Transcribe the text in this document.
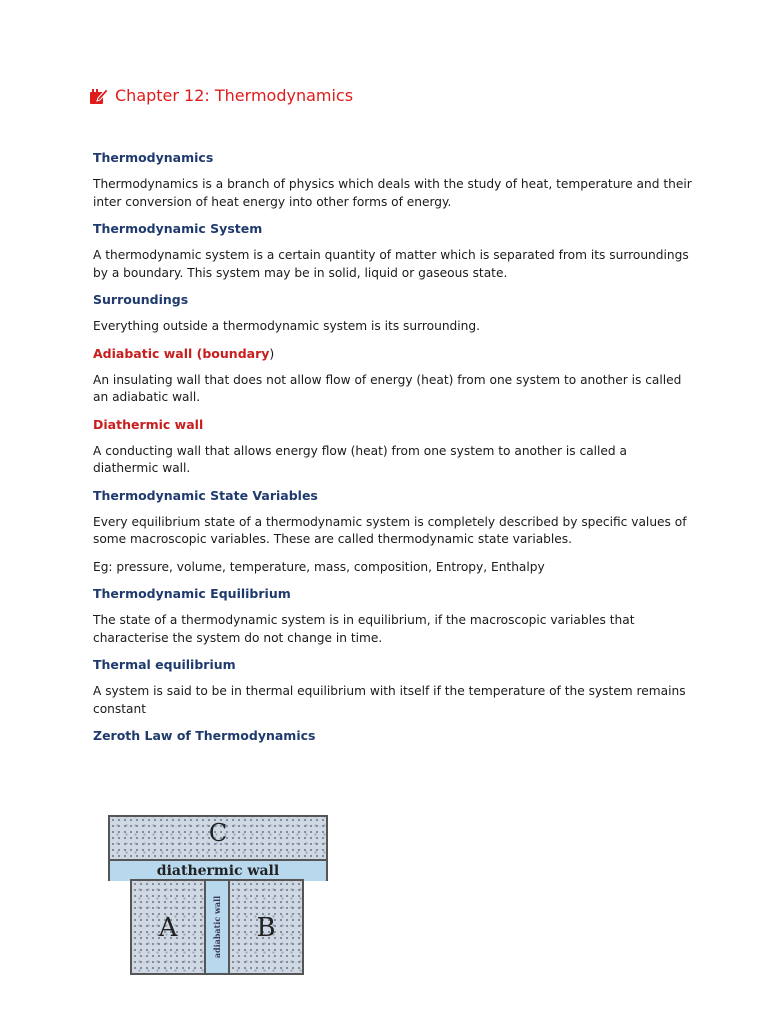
Chapter 12: Thermodynamics
Thermodynamics

Thermodynamics is a branch of physics which deals with the study of heat, temperature and their inter conversion of heat energy into other forms of energy.

Thermodynamic System

A thermodynamic system is a certain quantity of matter which is separated from its surroundings by a boundary. This system may be in solid, liquid or gaseous state.

Surroundings

Everything outside a thermodynamic system is its surrounding.

Adiabatic wall (boundary)

An insulating wall that does not allow flow of energy (heat) from one system to another is called an adiabatic wall.

Diathermic wall

A conducting wall that allows energy flow (heat) from one system to another is called a diathermic wall.

Thermodynamic State Variables

Every equilibrium state of a thermodynamic system is completely described by specific values of some macroscopic variables. These are called thermodynamic state variables.

Eg: pressure, volume, temperature, mass, composition, Entropy, Enthalpy

Thermodynamic Equilibrium

The state of a thermodynamic system is in equilibrium, if the macroscopic variables that characterise the system do not change in time.

Thermal equilibrium

A system is said to be in thermal equilibrium with itself if the temperature of the system remains constant

Zeroth Law of Thermodynamics
C
diathermic wall
A	adiabatic wall	B
